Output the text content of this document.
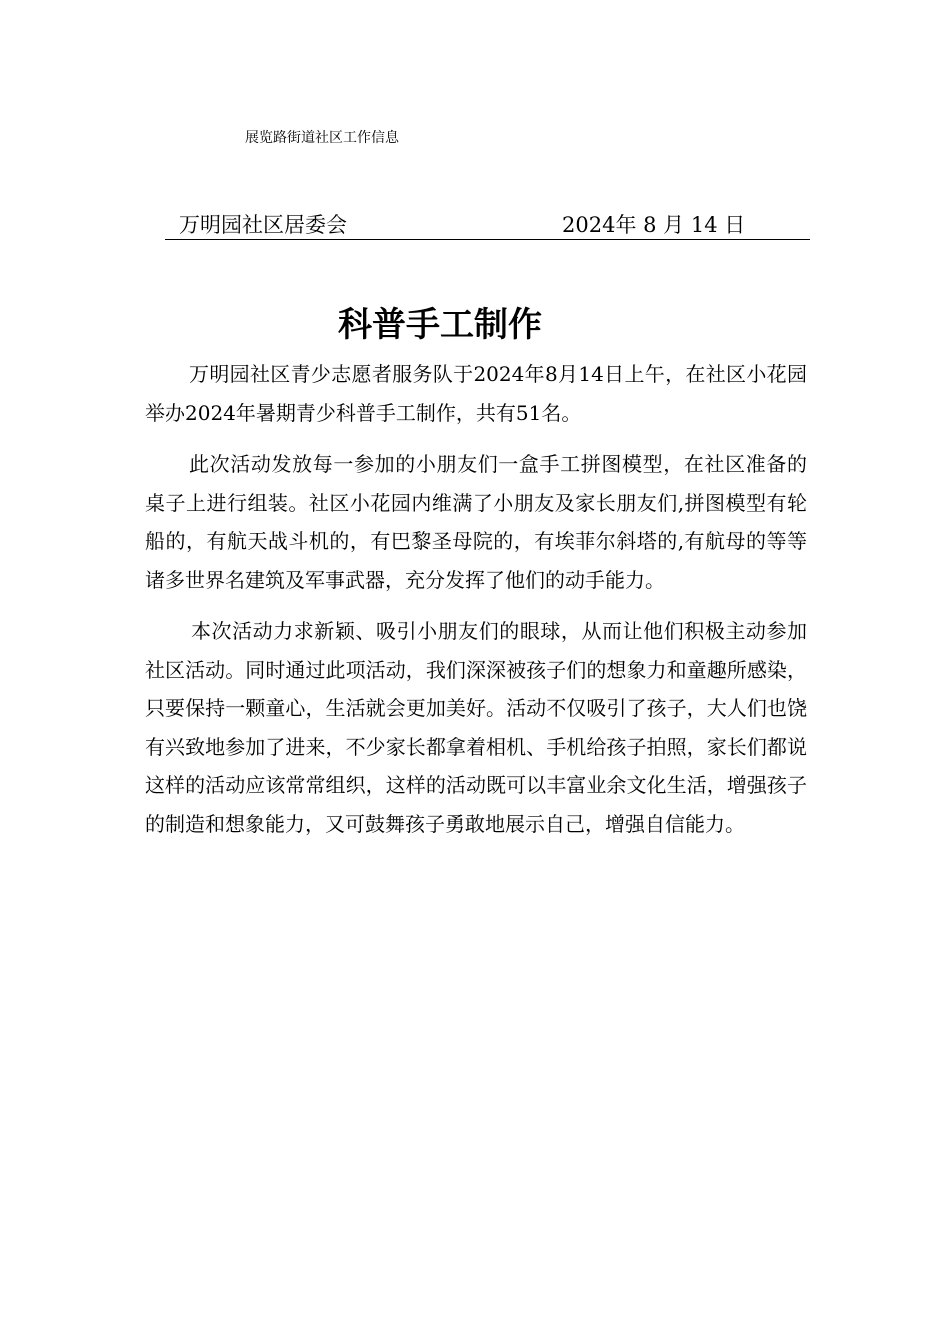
展览路街道社区工作信息
万明园社区居委会	2024年 8 月 14 日
科普手工制作

万明园社区青少志愿者服务队于2024年8月14日上午，在社区小花园举办2024年暑期青少科普手工制作，共有51名。

此次活动发放每一参加的小朋友们一盒手工拼图模型，在社区准备的桌子上进行组装。社区小花园内维满了小朋友及家长朋友们,拼图模型有轮船的，有航天战斗机的，有巴黎圣母院的，有埃菲尔斜塔的,有航母的等等诸多世界名建筑及军事武器，充分发挥了他们的动手能力。

本次活动力求新颖、吸引小朋友们的眼球，从而让他们积极主动参加社区活动。同时通过此项活动，我们深深被孩子们的想象力和童趣所感染，只要保持一颗童心，生活就会更加美好。活动不仅吸引了孩子，大人们也饶有兴致地参加了进来，不少家长都拿着相机、手机给孩子拍照，家长们都说这样的活动应该常常组织，这样的活动既可以丰富业余文化生活，增强孩子的制造和想象能力，又可鼓舞孩子勇敢地展示自己，增强自信能力。
